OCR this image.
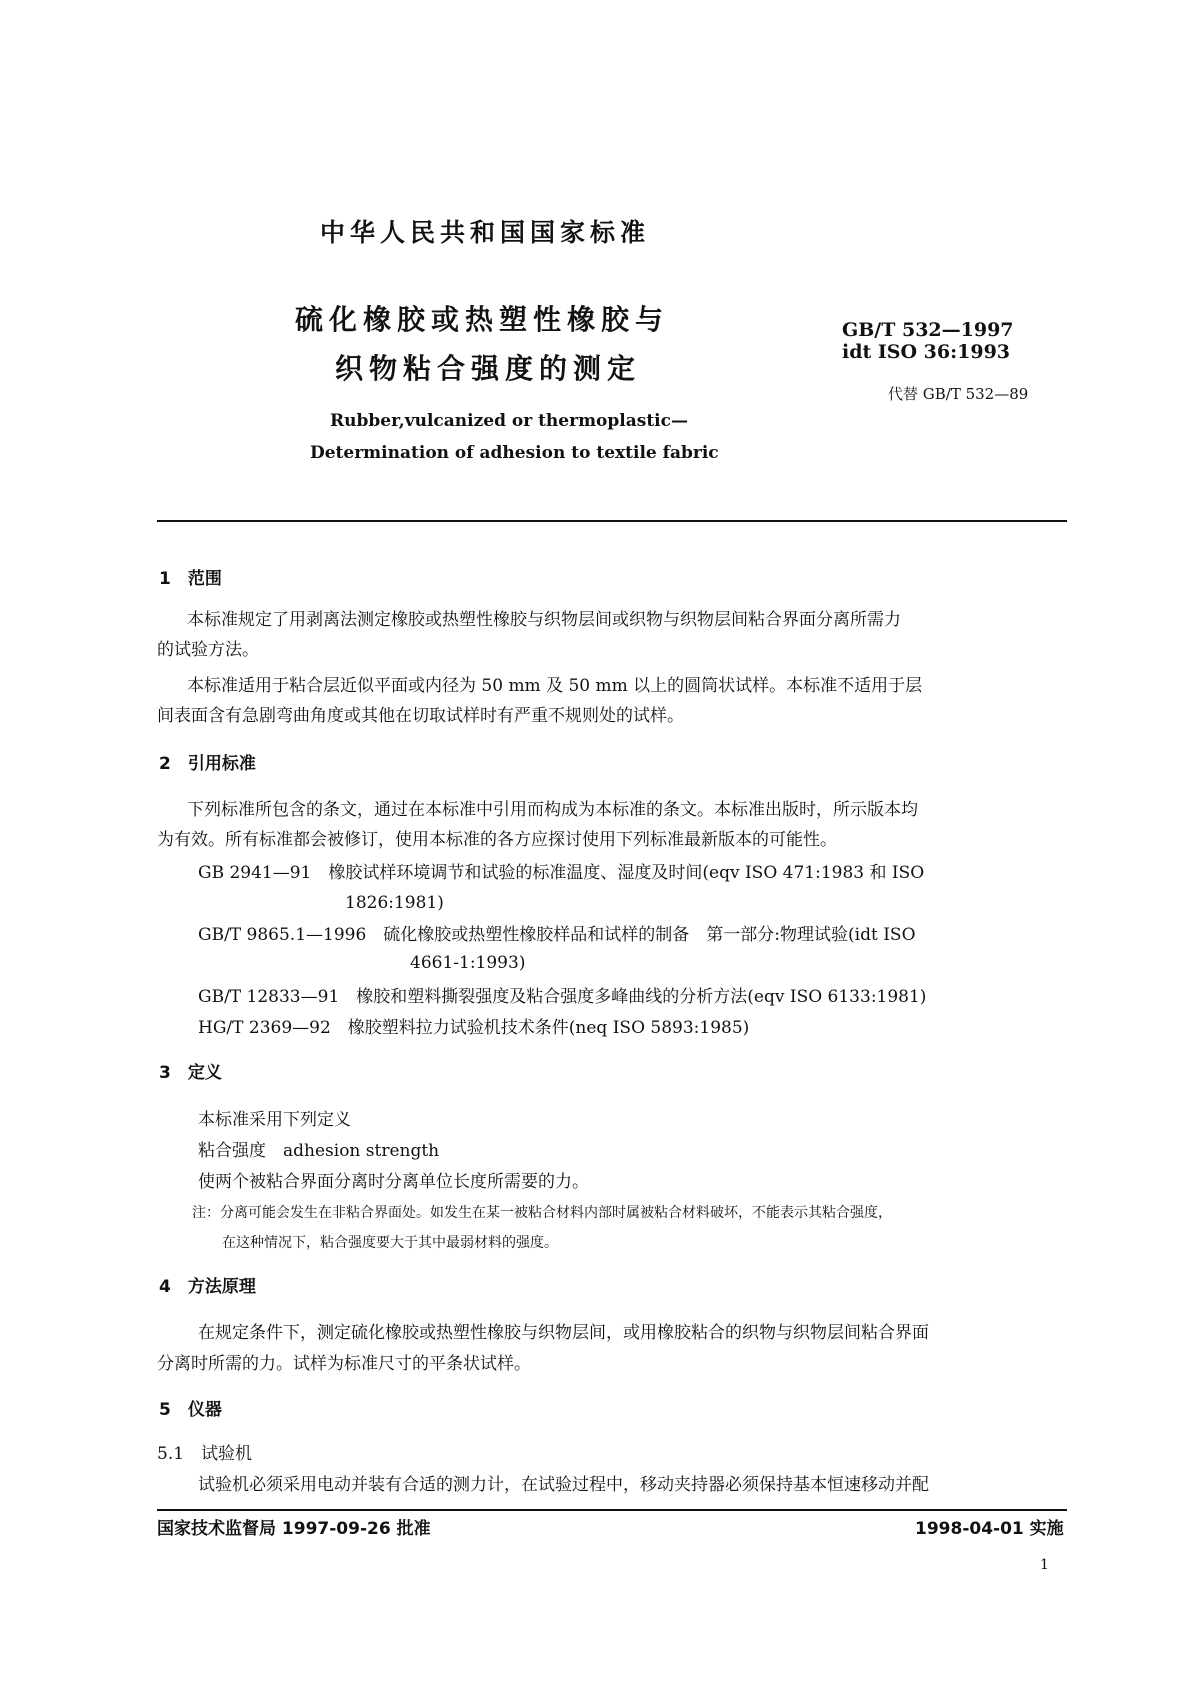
中华人民共和国国家标准
硫化橡胶或热塑性橡胶与
织物粘合强度的测定
GB/T 532—1997
idt ISO 36:1993
代替 GB/T 532—89
Rubber,vulcanized or thermoplastic—
Determination of adhesion to textile fabric
1　范围
本标准规定了用剥离法测定橡胶或热塑性橡胶与织物层间或织物与织物层间粘合界面分离所需力
的试验方法。
本标准适用于粘合层近似平面或内径为 50 mm 及 50 mm 以上的圆筒状试样。本标准不适用于层
间表面含有急剧弯曲角度或其他在切取试样时有严重不规则处的试样。
2　引用标准
下列标准所包含的条文，通过在本标准中引用而构成为本标准的条文。本标准出版时，所示版本均
为有效。所有标准都会被修订，使用本标准的各方应探讨使用下列标准最新版本的可能性。
GB 2941—91　 橡胶试样环境调节和试验的标准温度、湿度及时间(eqv ISO 471:1983 和 ISO
1826:1981)
GB/T 9865.1—1996　 硫化橡胶或热塑性橡胶样品和试样的制备　第一部分:物理试验(idt ISO
4661-1:1993)
GB/T 12833—91　 橡胶和塑料撕裂强度及粘合强度多峰曲线的分析方法(eqv ISO 6133:1981)
HG/T 2369—92　 橡胶塑料拉力试验机技术条件(neq ISO 5893:1985)
3　定义
本标准采用下列定义
粘合强度　adhesion strength
使两个被粘合界面分离时分离单位长度所需要的力。
注：分离可能会发生在非粘合界面处。如发生在某一被粘合材料内部时属被粘合材料破坏，不能表示其粘合强度，
在这种情况下，粘合强度要大于其中最弱材料的强度。
4　方法原理
在规定条件下，测定硫化橡胶或热塑性橡胶与织物层间，或用橡胶粘合的织物与织物层间粘合界面
分离时所需的力。试样为标准尺寸的平条状试样。
5　仪器
5.1　试验机
试验机必须采用电动并装有合适的测力计，在试验过程中，移动夹持器必须保持基本恒速移动并配
国家技术监督局 1997-09-26 批准	1998-04-01 实施
1
